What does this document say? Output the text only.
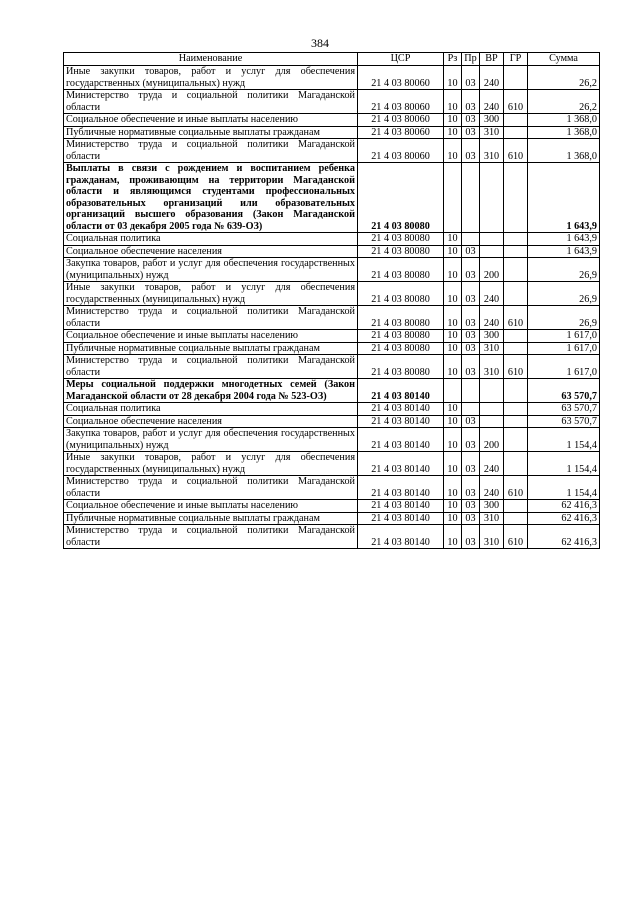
384
Наименование	ЦСР	Рз	Пр	ВР	ГР	Сумма
Иные закупки товаров, работ и услуг для обеспечения государственных (муниципальных) нужд	21 4 03 80060	10	03	240		26,2
Министерство труда и социальной политики Магаданской области	21 4 03 80060	10	03	240	610	26,2
Социальное обеспечение и иные выплаты населению	21 4 03 80060	10	03	300		1 368,0
Публичные нормативные социальные выплаты гражданам	21 4 03 80060	10	03	310		1 368,0
Министерство труда и социальной политики Магаданской области	21 4 03 80060	10	03	310	610	1 368,0
Выплаты в связи с рождением и воспитанием ребенка гражданам, проживающим на территории Магаданской области и являющимся студентами профессиональных образовательных организаций или образовательных организаций высшего образования (Закон Магаданской области от 03 декабря 2005 года № 639-ОЗ)	21 4 03 80080					1 643,9
Социальная политика	21 4 03 80080	10				1 643,9
Социальное обеспечение населения	21 4 03 80080	10	03			1 643,9
Закупка товаров, работ и услуг для обеспечения государственных (муниципальных) нужд	21 4 03 80080	10	03	200		26,9
Иные закупки товаров, работ и услуг для обеспечения государственных (муниципальных) нужд	21 4 03 80080	10	03	240		26,9
Министерство труда и социальной политики Магаданской области	21 4 03 80080	10	03	240	610	26,9
Социальное обеспечение и иные выплаты населению	21 4 03 80080	10	03	300		1 617,0
Публичные нормативные социальные выплаты гражданам	21 4 03 80080	10	03	310		1 617,0
Министерство труда и социальной политики Магаданской области	21 4 03 80080	10	03	310	610	1 617,0
Меры социальной поддержки многодетных семей (Закон Магаданской области от 28 декабря 2004 года № 523-ОЗ)	21 4 03 80140					63 570,7
Социальная политика	21 4 03 80140	10				63 570,7
Социальное обеспечение населения	21 4 03 80140	10	03			63 570,7
Закупка товаров, работ и услуг для обеспечения государственных (муниципальных) нужд	21 4 03 80140	10	03	200		1 154,4
Иные закупки товаров, работ и услуг для обеспечения государственных (муниципальных) нужд	21 4 03 80140	10	03	240		1 154,4
Министерство труда и социальной политики Магаданской области	21 4 03 80140	10	03	240	610	1 154,4
Социальное обеспечение и иные выплаты населению	21 4 03 80140	10	03	300		62 416,3
Публичные нормативные социальные выплаты гражданам	21 4 03 80140	10	03	310		62 416,3
Министерство труда и социальной политики Магаданской области	21 4 03 80140	10	03	310	610	62 416,3
